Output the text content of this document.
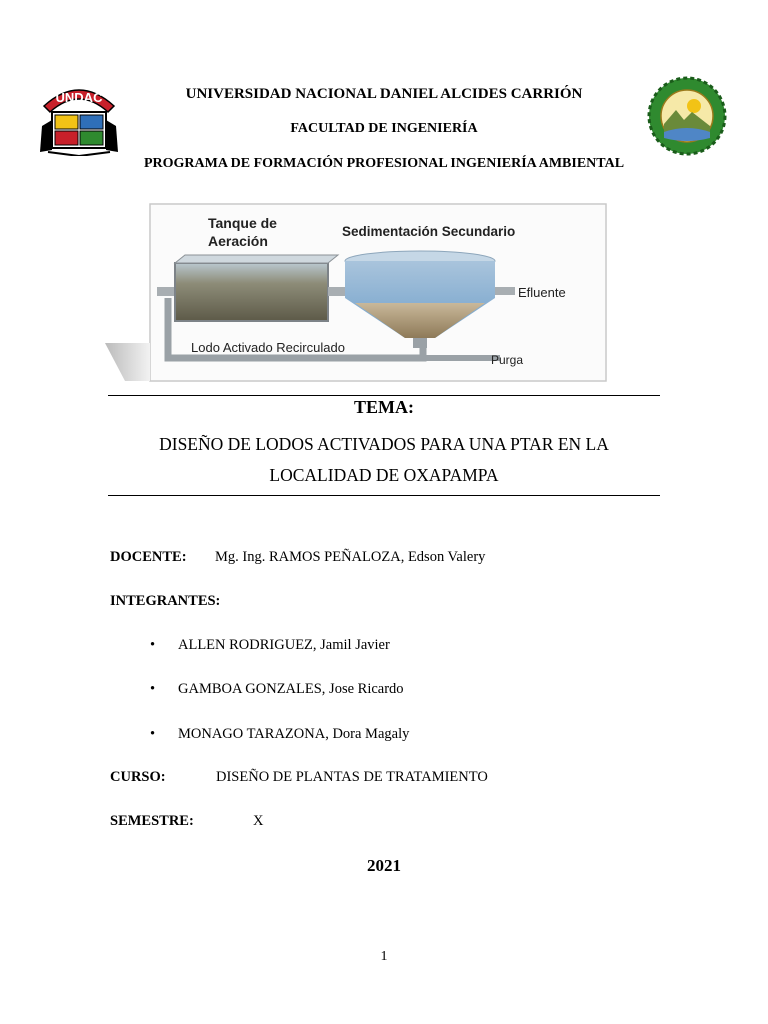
UNDAC	UNIVERSIDAD NACIONAL DANIEL ALCIDES CARRIÓN
FACULTAD DE INGENIERÍA
PROGRAMA DE FORMACIÓN PROFESIONAL INGENIERÍA AMBIENTAL
Tanque de
Aeración
Sedimentación Secundario
Efluente
Lodo Activado Recirculado
Purga
TEMA:
DISEÑO DE LODOS ACTIVADOS PARA UNA PTAR EN LA
LOCALIDAD DE OXAPAMPA
DOCENTE: Mg. Ing. RAMOS PEÑALOZA, Edson Valery
INTEGRANTES:
• ALLEN RODRIGUEZ, Jamil Javier
• GAMBOA GONZALES, Jose Ricardo
• MONAGO TARAZONA, Dora Magaly
CURSO:	DISEÑO DE PLANTAS DE TRATAMIENTO
SEMESTRE:	X
2021
1
